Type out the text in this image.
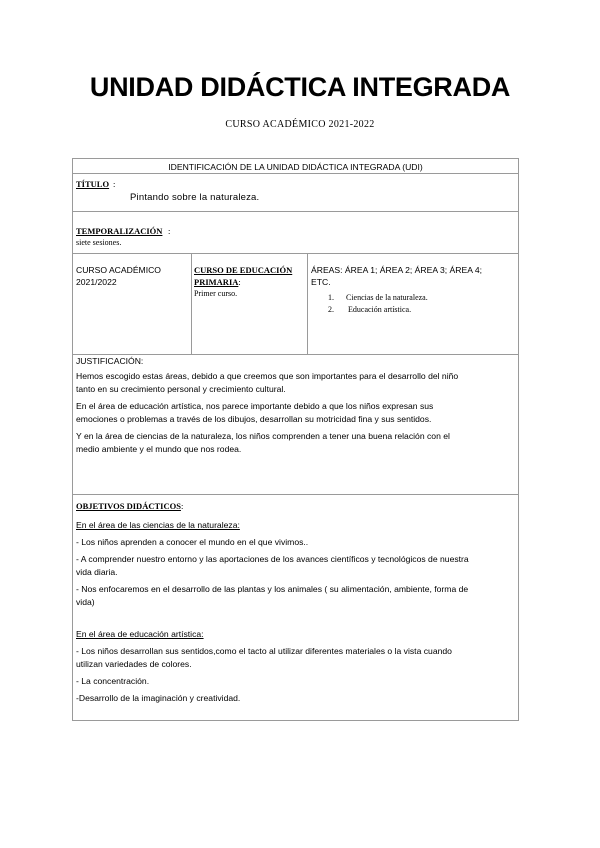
UNIDAD DIDÁCTICA INTEGRADA
CURSO ACADÉMICO 2021-2022
IDENTIFICACIÓN DE LA UNIDAD DIDÁCTICA INTEGRADA (UDI)
TÍTULO :
Pintando sobre la naturaleza.
TEMPORALIZACIÓN :
siete sesiones.
CURSO ACADÉMICO
2021/2022
CURSO DE EDUCACIÓN
PRIMARIA:
Primer curso.
ÁREAS: ÁREA 1; ÁREA 2; ÁREA 3; ÁREA 4;
ETC.
1. Ciencias de la naturaleza.
2. Educación artística.
JUSTIFICACIÓN:
Hemos escogido estas áreas, debido a que creemos que son importantes para el desarrollo del niño
tanto en su crecimiento personal y crecimiento cultural.
En el área de educación artística, nos parece importante debido a que los niños expresan sus
emociones o problemas a través de los dibujos, desarrollan su motricidad fina y sus sentidos.
Y en la área de ciencias de la naturaleza, los niños comprenden a tener una buena relación con el
medio ambiente y el mundo que nos rodea.
OBJETIVOS DIDÁCTICOS:
En el área de las ciencias de la naturaleza:
- Los niños aprenden a conocer el mundo en el que vivimos..
- A comprender nuestro entorno y las aportaciones de los avances científicos y tecnológicos de nuestra
vida diaria.
- Nos enfocaremos en el desarrollo de las plantas y los animales ( su alimentación, ambiente, forma de
vida)
En el área de educación artística:
- Los niños desarrollan sus sentidos,como el tacto al utilizar diferentes materiales o la vista cuando
utilizan variedades de colores.
- La concentración.
-Desarrollo de la imaginación y creatividad.
